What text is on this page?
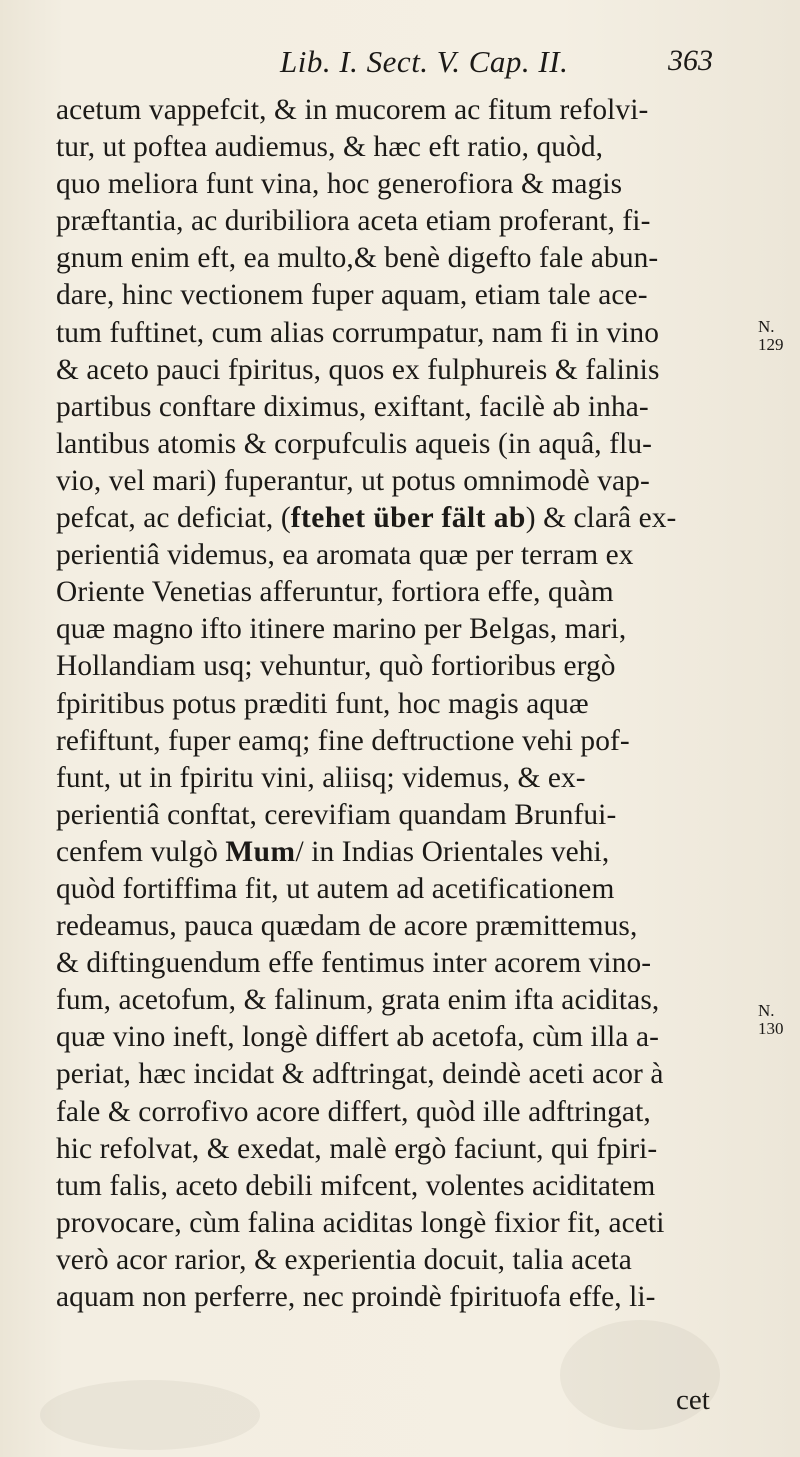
Lib. I. Sect. V. Cap. II.	363
acetum vappefcit, & in mucorem ac fitum refolvi-
tur, ut poftea audiemus, & hæc eft ratio, quòd,
quo meliora funt vina, hoc generofiora & magis
præftantia, ac duribiliora aceta etiam proferant, fi-
gnum enim eft, ea multo,& benè digefto fale abun-
dare, hinc vectionem fuper aquam, etiam tale ace-
tum fuftinet, cum alias corrumpatur, nam fi in vino
& aceto pauci fpiritus, quos ex fulphureis & falinis
partibus conftare diximus, exiftant, facilè ab inha-
lantibus atomis & corpufculis aqueis (in aquâ, flu-
vio, vel mari) fuperantur, ut potus omnimodè vap-
pefcat, ac deficiat, (ftehet über fält ab) & clarâ ex-
perientiâ videmus, ea aromata quæ per terram ex
Oriente Venetias afferuntur, fortiora effe, quàm
quæ magno ifto itinere marino per Belgas, mari,
Hollandiam usq; vehuntur, quò fortioribus ergò
fpiritibus potus præditi funt, hoc magis aquæ
refiftunt, fuper eamq; fine deftructione vehi pof-
funt, ut in fpiritu vini, aliisq; videmus, & ex-
perientiâ conftat, cerevifiam quandam Brunfui-
cenfem vulgò Mum/ in Indias Orientales vehi,
quòd fortiffima fit, ut autem ad acetificationem
redeamus, pauca quædam de acore præmittemus,
& diftinguendum effe fentimus inter acorem vino-
fum, acetofum, & falinum, grata enim ifta aciditas,
quæ vino ineft, longè differt ab acetofa, cùm illa a-
periat, hæc incidat & adftringat, deindè aceti acor à
fale & corrofivo acore differt, quòd ille adftringat,
hic refolvat, & exedat, malè ergò faciunt, qui fpiri-
tum falis, aceto debili mifcent, volentes aciditatem
provocare, cùm falina aciditas longè fixior fit, aceti
verò acor rarior, & experientia docuit, talia aceta
aquam non perferre, nec proindè fpirituofa effe, li-
N.
129
N.
130
cet
